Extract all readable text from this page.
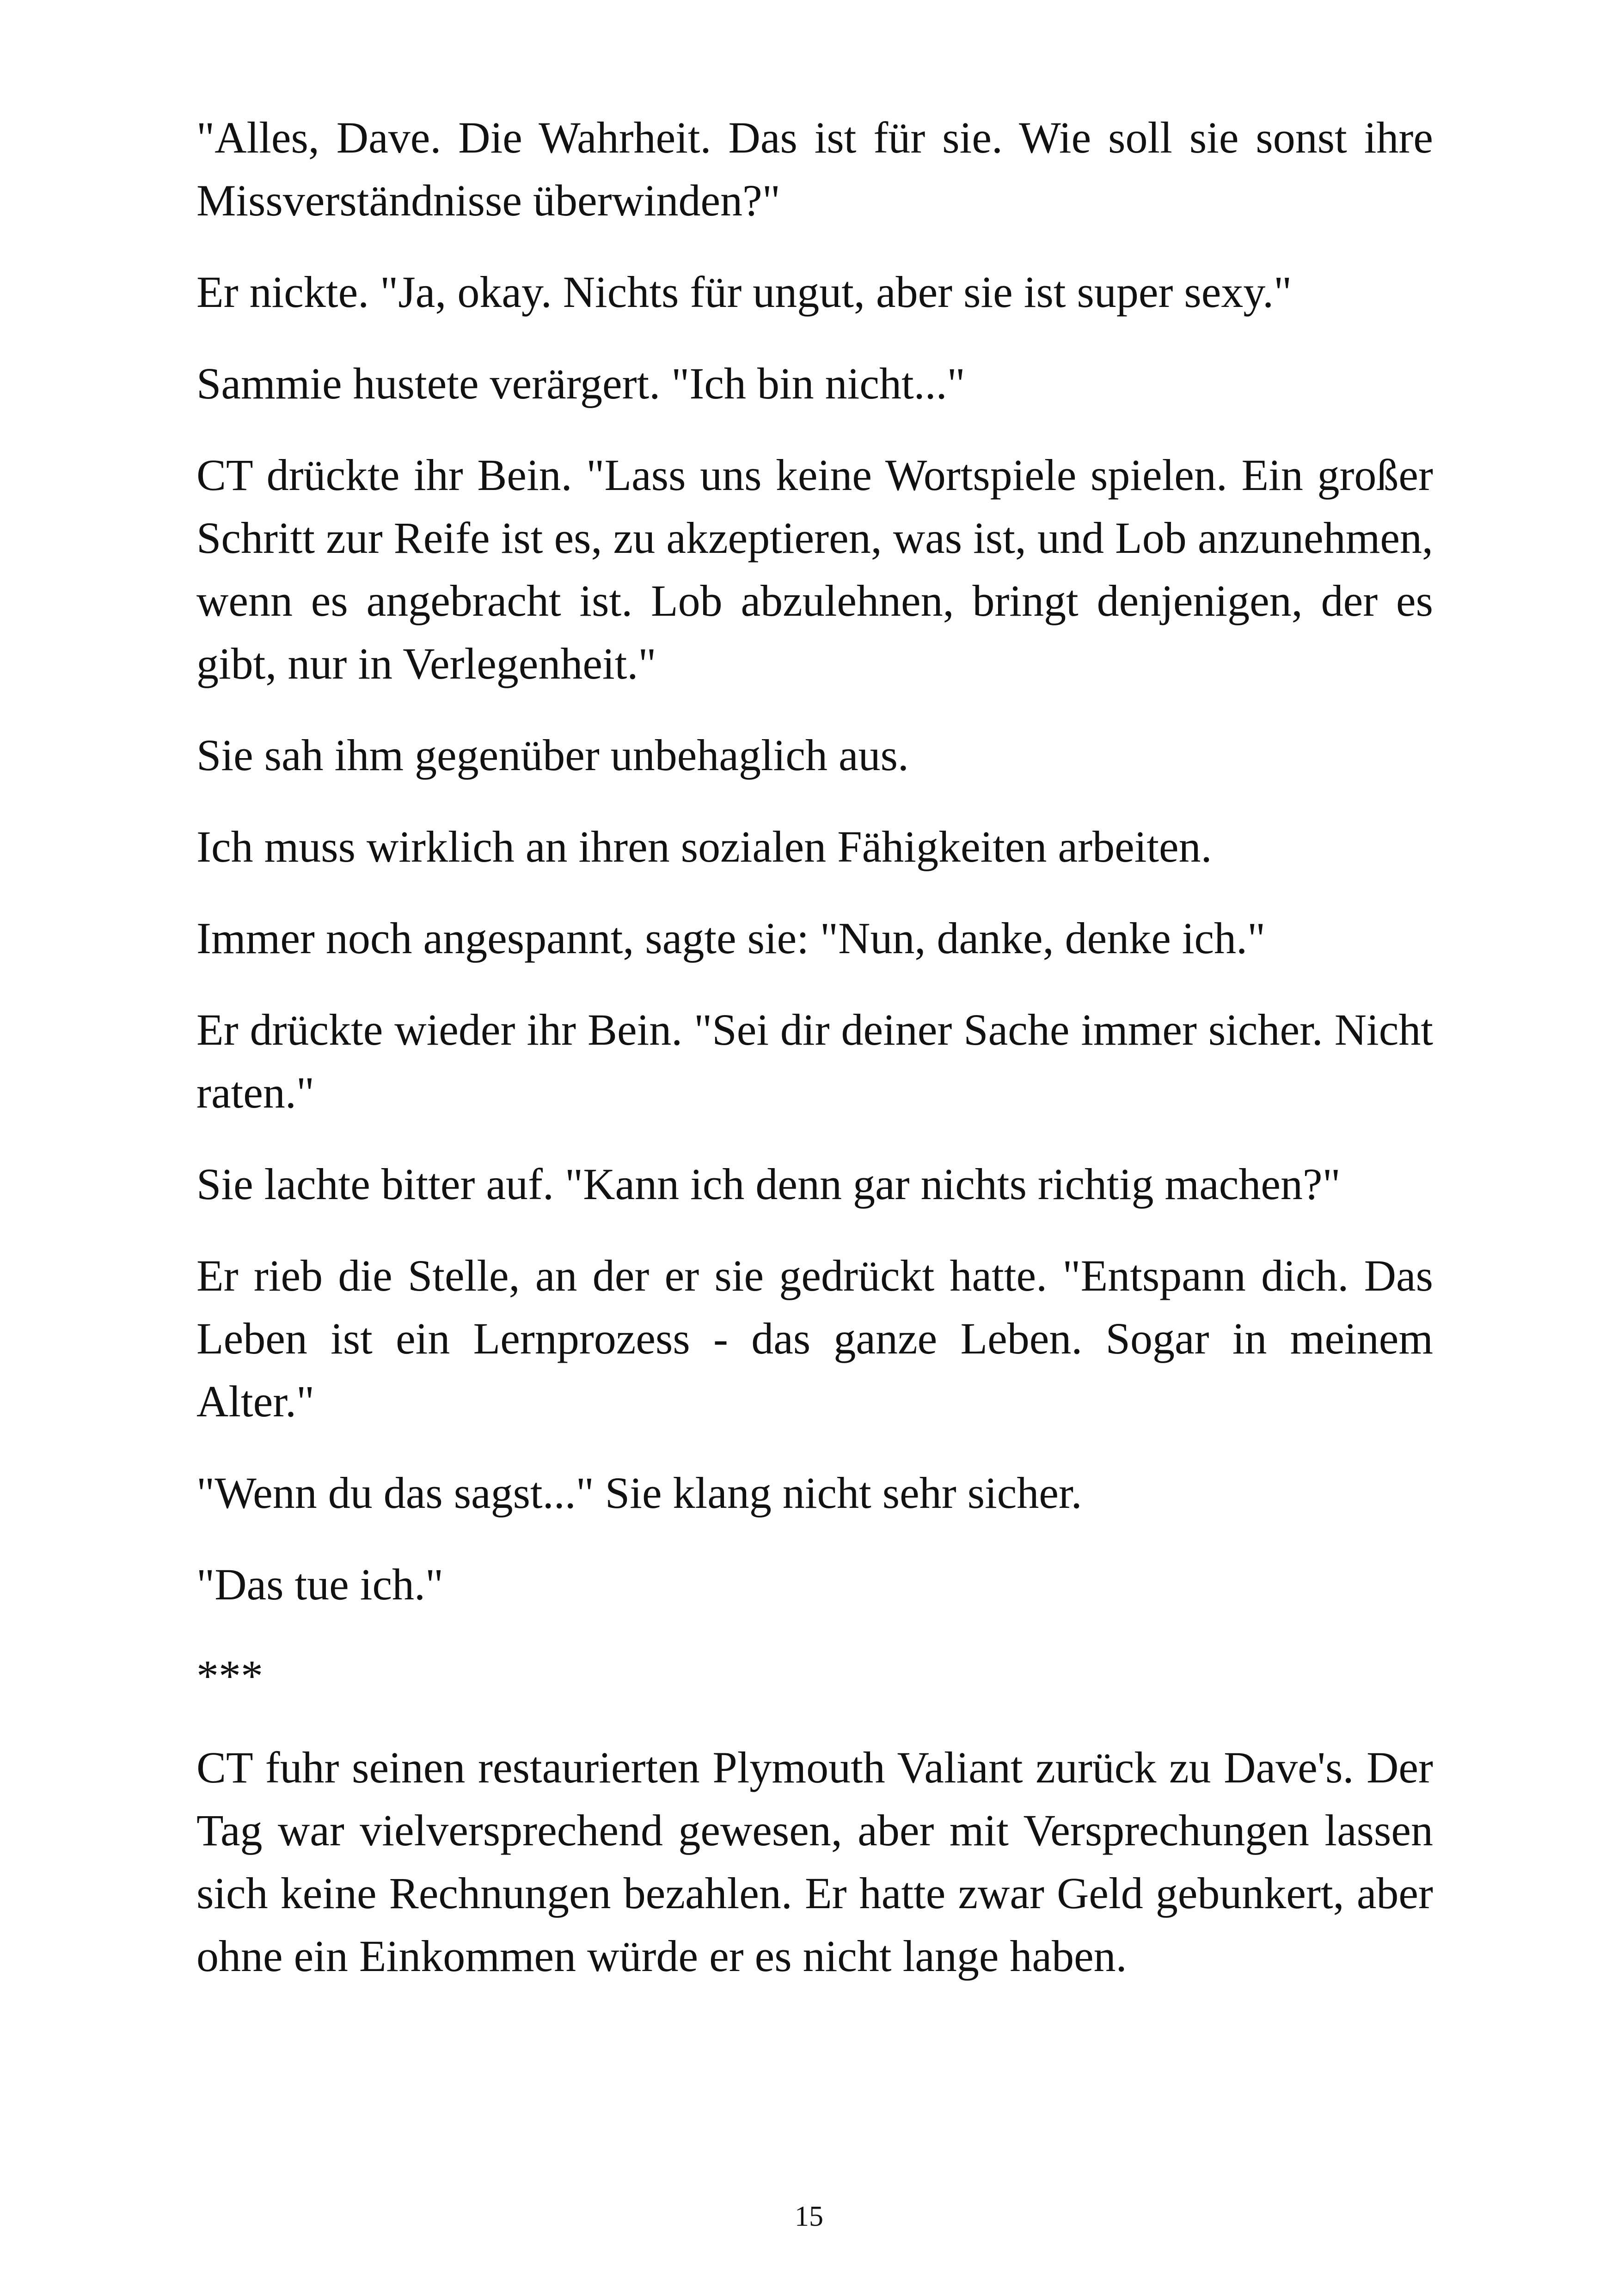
"Alles, Dave. Die Wahrheit. Das ist für sie. Wie soll sie sonst ihre Missverständnisse überwinden?"

Er nickte. "Ja, okay. Nichts für ungut, aber sie ist super sexy."

Sammie hustete verärgert. "Ich bin nicht..."

CT drückte ihr Bein. "Lass uns keine Wortspiele spielen. Ein großer Schritt zur Reife ist es, zu akzeptieren, was ist, und Lob anzunehmen, wenn es angebracht ist. Lob abzulehnen, bringt denjenigen, der es gibt, nur in Verlegenheit."

Sie sah ihm gegenüber unbehaglich aus.

Ich muss wirklich an ihren sozialen Fähigkeiten arbeiten.

Immer noch angespannt, sagte sie: "Nun, danke, denke ich."

Er drückte wieder ihr Bein. "Sei dir deiner Sache immer sicher. Nicht raten."

Sie lachte bitter auf. "Kann ich denn gar nichts richtig machen?"

Er rieb die Stelle, an der er sie gedrückt hatte. "Entspann dich. Das Leben ist ein Lernprozess - das ganze Leben. Sogar in meinem Alter."

"Wenn du das sagst..." Sie klang nicht sehr sicher.

"Das tue ich."

***

CT fuhr seinen restaurierten Plymouth Valiant zurück zu Dave's. Der Tag war vielversprechend gewesen, aber mit Versprechungen lassen sich keine Rechnungen bezahlen. Er hatte zwar Geld gebunkert, aber ohne ein Einkommen würde er es nicht lange haben.

15
